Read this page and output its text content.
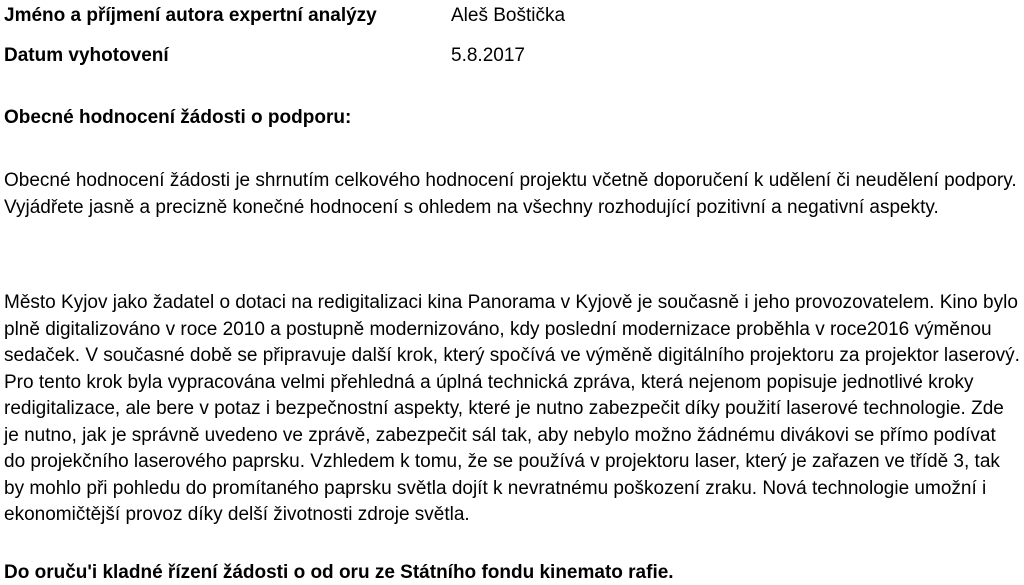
Jméno a příjmení autora expertní analýzy	Aleš Boštička
Datum vyhotovení	5.8.2017
Obecné hodnocení žádosti o podporu:

Obecné hodnocení žádosti je shrnutím celkového hodnocení projektu včetně doporučení k udělení či neudělení podpory. Vyjádřete jasně a precizně konečné hodnocení s ohledem na všechny rozhodující pozitivní a negativní aspekty.

Město Kyjov jako žadatel o dotaci na redigitalizaci kina Panorama v Kyjově je současně i jeho provozovatelem. Kino bylo plně digitalizováno v roce 2010 a postupně modernizováno, kdy poslední modernizace proběhla v roce2016 výměnou sedaček. V současné době se připravuje další krok, který spočívá ve výměně digitálního projektoru za projektor laserový. Pro tento krok byla vypracována velmi přehledná a úplná technická zpráva, která nejenom popisuje jednotlivé kroky redigitalizace, ale bere v potaz i bezpečnostní aspekty, které je nutno zabezpečit díky použití laserové technologie. Zde je nutno, jak je správně uvedeno ve zprávě, zabezpečit sál tak, aby nebylo možno žádnému divákovi se přímo podívat do projekčního laserového paprsku. Vzhledem k tomu, že se používá v projektoru laser, který je zařazen ve třídě 3, tak by mohlo při pohledu do promítaného paprsku světla dojít k nevratnému poškození zraku. Nová technologie umožní i ekonomičtější provoz díky delší životnosti zdroje světla.

Do oruču'i kladné řízení žádosti o od oru ze Státního fondu kinemato rafie.
